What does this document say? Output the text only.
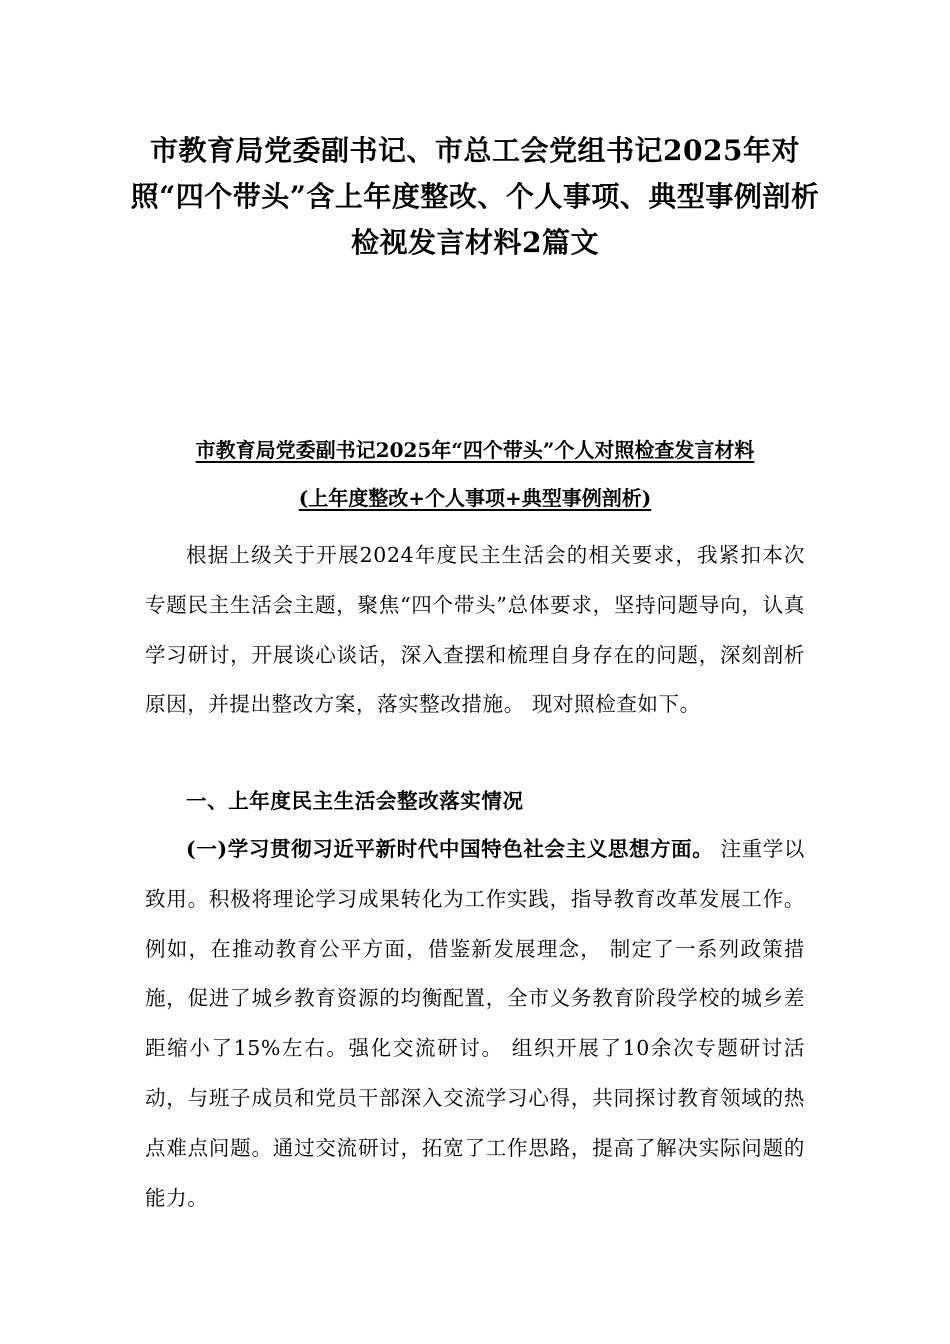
市教育局党委副书记、市总工会党组书记2025年对照“四个带头”含上年度整改、个人事项、典型事例剖析检视发言材料2篇文
市教育局党委副书记2025年“四个带头”个人对照检查发言材料
(上年度整改+个人事项+典型事例剖析)

根据上级关于开展2024年度民主生活会的相关要求，我紧扣本次专题民主生活会主题，聚焦“四个带头”总体要求，坚持问题导向，认真学习研讨，开展谈心谈话，深入查摆和梳理自身存在的问题，深刻剖析原因，并提出整改方案，落实整改措施。 现对照检查如下。

一、上年度民主生活会整改落实情况

(一)学习贯彻习近平新时代中国特色社会主义思想方面。 注重学以致用。积极将理论学习成果转化为工作实践，指导教育改革发展工作。例如，在推动教育公平方面，借鉴新发展理念， 制定了一系列政策措施，促进了城乡教育资源的均衡配置，全市义务教育阶段学校的城乡差距缩小了15%左右。强化交流研讨。 组织开展了10余次专题研讨活动，与班子成员和党员干部深入交流学习心得，共同探讨教育领域的热点难点问题。通过交流研讨，拓宽了工作思路，提高了解决实际问题的能力。
